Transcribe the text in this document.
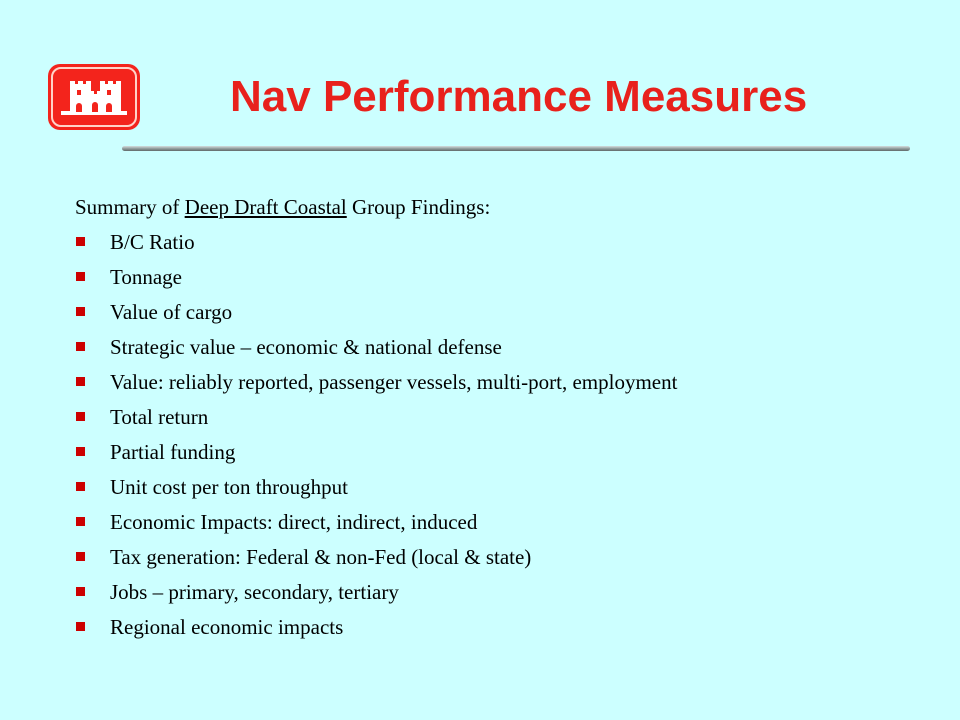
Nav Performance Measures

Summary of Deep Draft Coastal Group Findings:

B/C Ratio
Tonnage
Value of cargo
Strategic value – economic & national defense
Value: reliably reported, passenger vessels, multi-port, employment
Total return
Partial funding
Unit cost per ton throughput
Economic Impacts: direct, indirect, induced
Tax generation: Federal & non-Fed (local & state)
Jobs – primary, secondary, tertiary
Regional economic impacts
